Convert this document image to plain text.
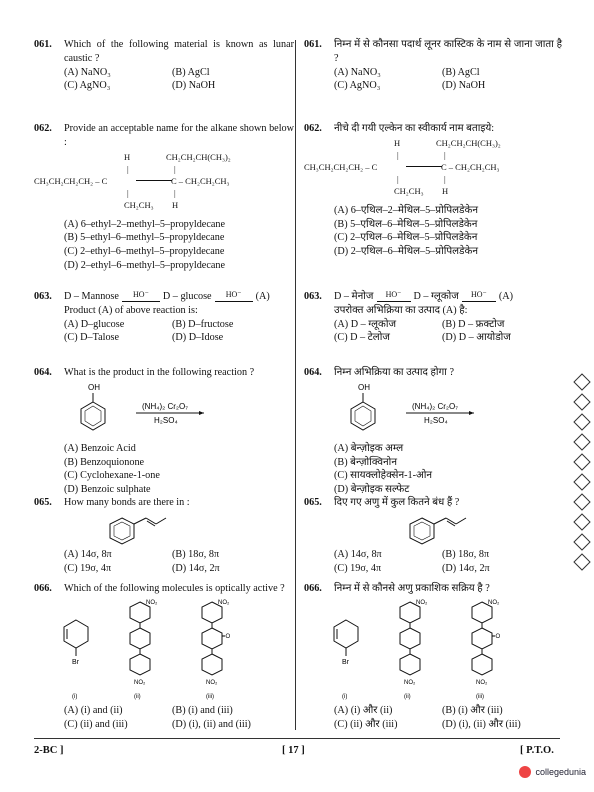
061.	Which of the following material is known as lunar caustic ?
(A) NaNO₃	(B) AgCl
(C) AgNO₃	(D) NaOH
062.	Provide an acceptable name for the alkane shown below :
H	CH₂CH₂CH(CH₃)₂
|	|
CH₃CH₂CH₂CH₂ – C	C – CH₂CH₂CH₃
|	|
CH₂CH₃ H
(A) 6–ethyl–2–methyl–5–propyldecane
(B) 5–ethyl–6–methyl–5–propyldecane
(C) 2–ethyl–6–methyl–5–propyldecane
(D) 2–ethyl–6–methyl–5–propyldecane
063.	D – Mannose HO⁻ D – glucose HO⁻ (A)
Product (A) of above reaction is:
(A) D–glucose	(B) D–fructose
(C) D–Talose	(D) D–Idose
064.	What is the product in the following reaction ?
OH
(NH₄)₂ Cr₂O₇
H₂SO₄
(A) Benzoic Acid
(B) Benzoquionone
(C) Cyclohexane-1-one
(D) Benzoic sulphate
065.	How many bonds are there in :
(A) 14σ, 8π	(B) 18σ, 8π
(C) 19σ, 4π	(D) 14σ, 2π
066.	Which of the following molecules is optically active ?
Br
(i)
NO₂
NO₂
(ii)
NO₂
=O
NO₂
(iii)
(A) (i) and (ii)	(B) (i) and (iii)
(C) (ii) and (iii)	(D) (i), (ii) and (iii)
061.	निम्न में से कौनसा पदार्थ लूनर कास्टिक के नाम से जाना जाता है ?
(A) NaNO₃	(B) AgCl
(C) AgNO₃	(D) NaOH
062.	नीचे दी गयी एल्केन का स्वीकार्य नाम बताइये:
H	CH₂CH₂CH(CH₃)₂
|	|
CH₃CH₂CH₂CH₂ – C	C – CH₂CH₂CH₃
|	|
CH₂CH₃ H
(A) 6–एथिल–2–मेथिल–5–प्रोपिलडेकेन
(B) 5–एथिल–6–मेथिल–5–प्रोपिलडेकेन
(C) 2–एथिल–6–मेथिल–5–प्रोपिलडेकेन
(D) 2–एथिल–6–मेथिल–5–प्रोपिलडेकेन
063.	D – मेनोज HO⁻ D – ग्लूकोज HO⁻ (A)
उपरोक्त अभिक्रिया का उत्पाद (A) है:
(A) D – ग्लूकोज	(B) D – फ्रक्टोज
(C) D – टेलोज	(D) D – आयोडोज
064.	निम्न अभिक्रिया का उत्पाद होगा ?
OH
(NH₄)₂ Cr₂O₇
H₂SO₄
(A) बेन्ज़ोइक अम्ल
(B) बेन्ज़ोक्विनोन
(C) सायक्लोहेक्सेन-1-ओन
(D) बेन्ज़ोइक सल्फेट
065.	दिए गए अणु में कुल कितने बंध हैं ?
(A) 14σ, 8π	(B) 18σ, 8π
(C) 19σ, 4π	(D) 14σ, 2π
066.	निम्न में से कौनसे अणु प्रकाशिक सक्रिय है ?
Br
(i)
NO₂
NO₂
(ii)
NO₂
=O
NO₂
(iii)
(A) (i) और (ii)	(B) (i) और (iii)
(C) (ii) और (iii)	(D) (i), (ii) और (iii)
2-BC ]	[ 17 ]	[ P.T.O.
collegedunia
